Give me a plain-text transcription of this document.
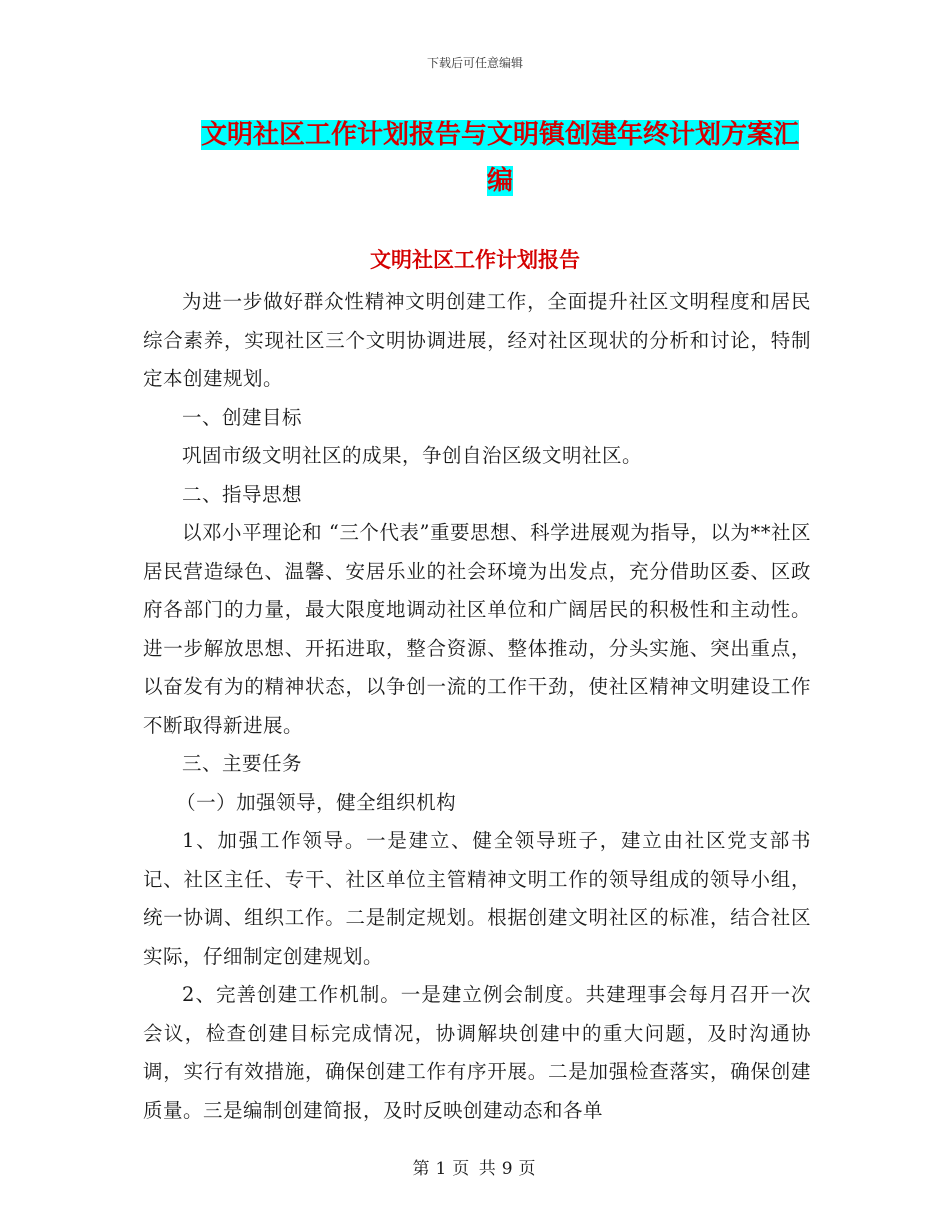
下载后可任意编辑
文明社区工作计划报告与文明镇创建年终计划方案汇编
文明社区工作计划报告

为进一步做好群众性精神文明创建工作，全面提升社区文明程度和居民综合素养，实现社区三个文明协调进展，经对社区现状的分析和讨论，特制定本创建规划。

一、创建目标

巩固市级文明社区的成果，争创自治区级文明社区。

二、指导思想

以邓小平理论和 “三个代表”重要思想、科学进展观为指导，以为**社区居民营造绿色、温馨、安居乐业的社会环境为出发点，充分借助区委、区政府各部门的力量，最大限度地调动社区单位和广阔居民的积极性和主动性。进一步解放思想、开拓进取，整合资源、整体推动，分头实施、突出重点，以奋发有为的精神状态，以争创一流的工作干劲，使社区精神文明建设工作不断取得新进展。

三、主要任务

（一）加强领导，健全组织机构

1、加强工作领导。一是建立、健全领导班子，建立由社区党支部书记、社区主任、专干、社区单位主管精神文明工作的领导组成的领导小组，统一协调、组织工作。二是制定规划。根据创建文明社区的标准，结合社区实际，仔细制定创建规划。

2、完善创建工作机制。一是建立例会制度。共建理事会每月召开一次会议，检查创建目标完成情况，协调解块创建中的重大问题，及时沟通协调，实行有效措施，确保创建工作有序开展。二是加强检查落实，确保创建质量。三是编制创建简报，及时反映创建动态和各单

第 1 页 共 9 页
